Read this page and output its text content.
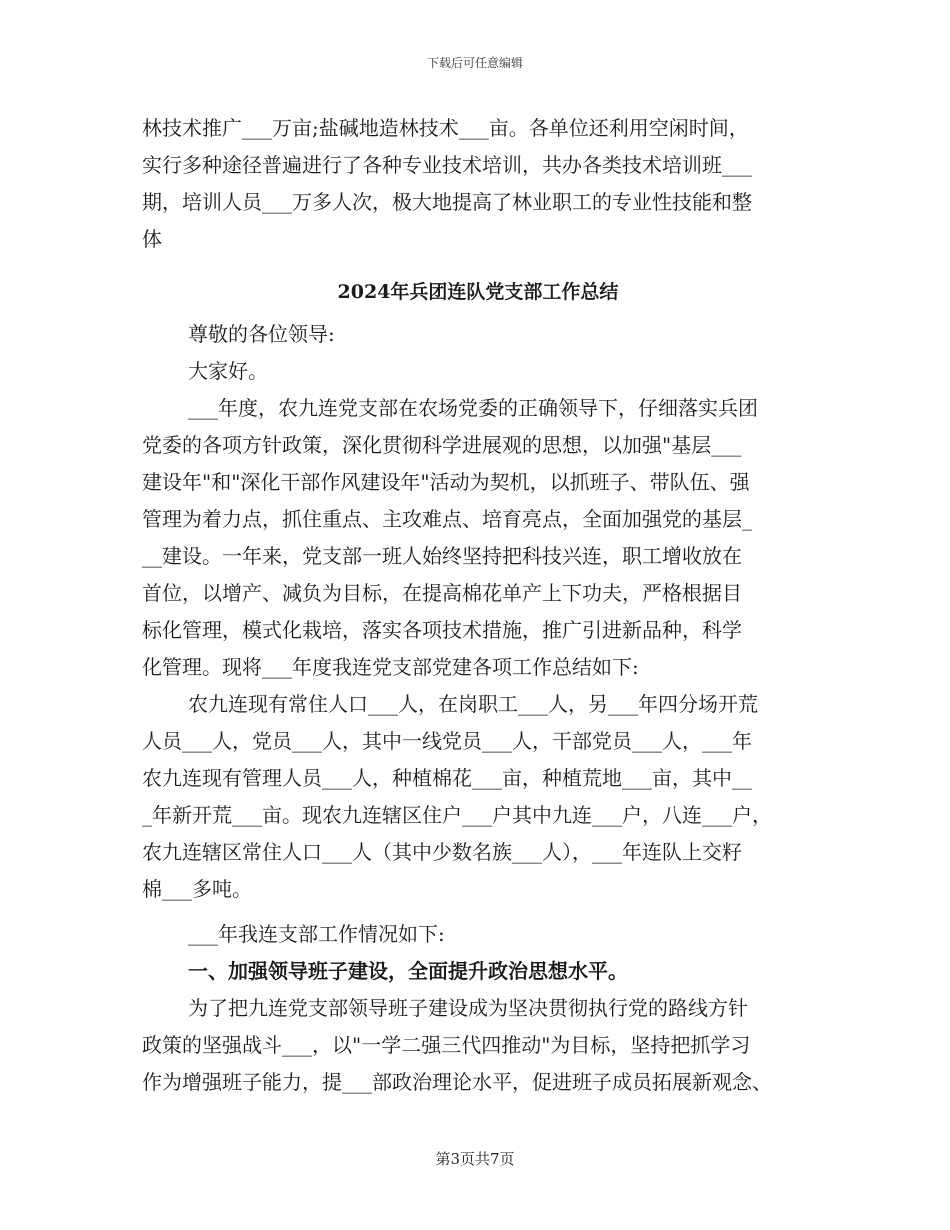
下载后可任意编辑
林技术推广___万亩;盐碱地造林技术___亩。各单位还利用空闲时间，
实行多种途径普遍进行了各种专业技术培训，共办各类技术培训班___
期，培训人员___万多人次，极大地提高了林业职工的专业性技能和整
体
2024年兵团连队党支部工作总结
尊敬的各位领导:
大家好。
___年度，农九连党支部在农场党委的正确领导下，仔细落实兵团
党委的各项方针政策，深化贯彻科学进展观的思想，以加强"基层___
建设年"和"深化干部作风建设年"活动为契机，以抓班子、带队伍、强
管理为着力点，抓住重点、主攻难点、培育亮点，全面加强党的基层_
__建设。一年来，党支部一班人始终坚持把科技兴连，职工增收放在
首位，以增产、减负为目标，在提高棉花单产上下功夫，严格根据目
标化管理，模式化栽培，落实各项技术措施，推广引进新品种，科学
化管理。现将___年度我连党支部党建各项工作总结如下:
农九连现有常住人口___人，在岗职工___人，另___年四分场开荒
人员___人，党员___人，其中一线党员___人，干部党员___人，___年
农九连现有管理人员___人，种植棉花___亩，种植荒地___亩，其中__
_年新开荒___亩。现农九连辖区住户___户其中九连___户，八连___户，
农九连辖区常住人口___人（其中少数名族___人），___年连队上交籽
棉___多吨。
___年我连支部工作情况如下:
一、加强领导班子建设，全面提升政治思想水平。
为了把九连党支部领导班子建设成为坚决贯彻执行党的路线方针
政策的坚强战斗___，以"一学二强三代四推动"为目标，坚持把抓学习
作为增强班子能力，提___部政治理论水平，促进班子成员拓展新观念、
第3页共7页
